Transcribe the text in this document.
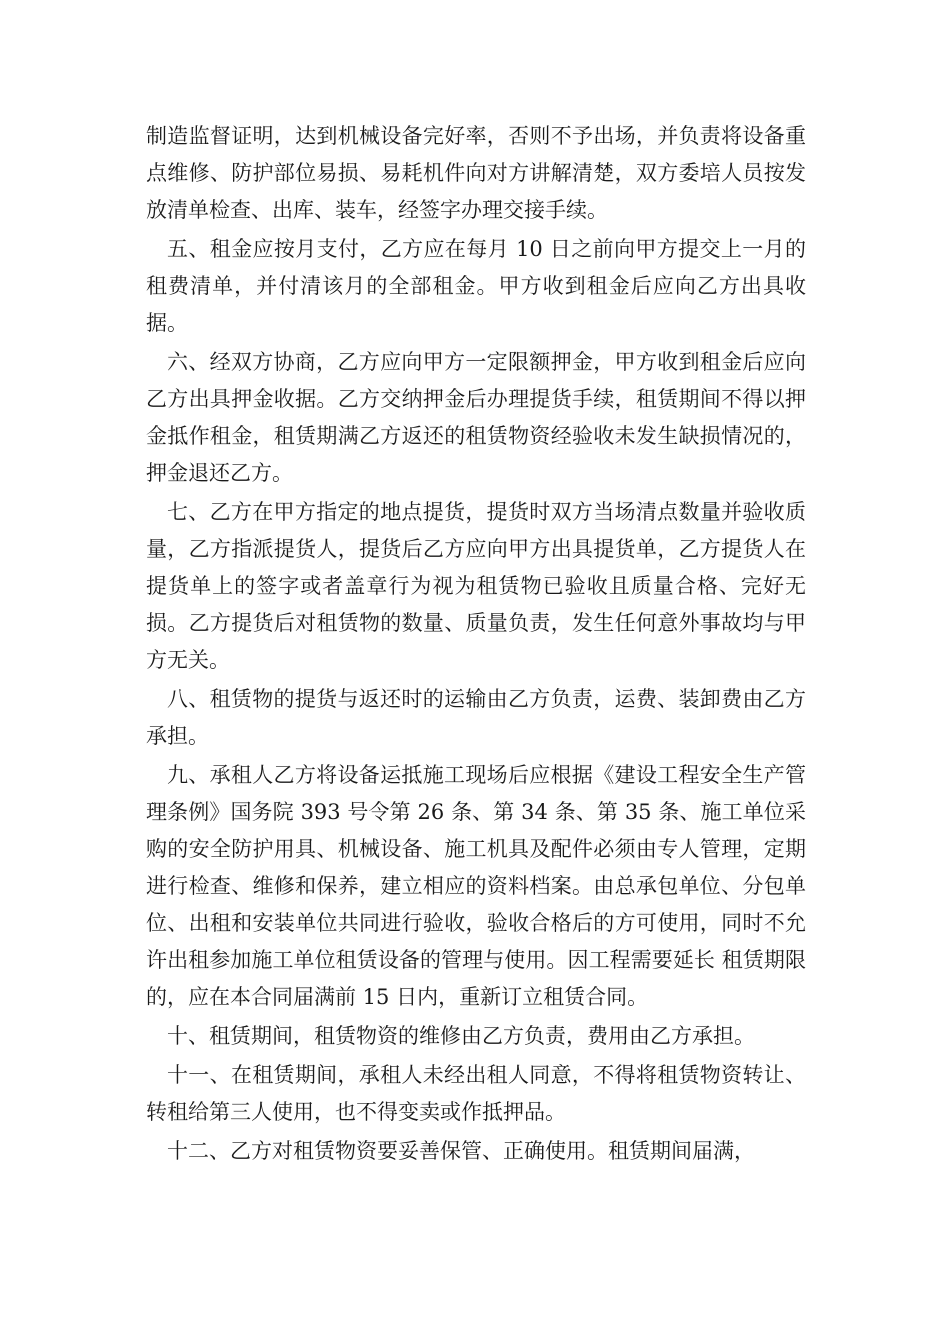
制造监督证明，达到机械设备完好率，否则不予出场，并负责将设备重点维修、防护部位易损、易耗机件向对方讲解清楚，双方委培人员按发放清单检查、出库、装车，经签字办理交接手续。

五、租金应按月支付，乙方应在每月 10 日之前向甲方提交上一月的租费清单，并付清该月的全部租金。甲方收到租金后应向乙方出具收据。

六、经双方协商，乙方应向甲方一定限额押金，甲方收到租金后应向乙方出具押金收据。乙方交纳押金后办理提货手续，租赁期间不得以押金抵作租金，租赁期满乙方返还的租赁物资经验收未发生缺损情况的，押金退还乙方。

七、乙方在甲方指定的地点提货，提货时双方当场清点数量并验收质量，乙方指派提货人，提货后乙方应向甲方出具提货单，乙方提货人在提货单上的签字或者盖章行为视为租赁物已验收且质量合格、完好无损。乙方提货后对租赁物的数量、质量负责，发生任何意外事故均与甲方无关。

八、租赁物的提货与返还时的运输由乙方负责，运费、装卸费由乙方承担。

九、承租人乙方将设备运抵施工现场后应根据《建设工程安全生产管理条例》国务院 393 号令第 26 条、第 34 条、第 35 条、施工单位采购的安全防护用具、机械设备、施工机具及配件必须由专人管理，定期进行检查、维修和保养，建立相应的资料档案。由总承包单位、分包单位、出租和安装单位共同进行验收，验收合格后的方可使用，同时不允许出租参加施工单位租赁设备的管理与使用。因工程需要延长 租赁期限的，应在本合同届满前 15 日内，重新订立租赁合同。

十、租赁期间，租赁物资的维修由乙方负责，费用由乙方承担。

十一、在租赁期间，承租人未经出租人同意，不得将租赁物资转让、转租给第三人使用，也不得变卖或作抵押品。

十二、乙方对租赁物资要妥善保管、正确使用。租赁期间届满，
